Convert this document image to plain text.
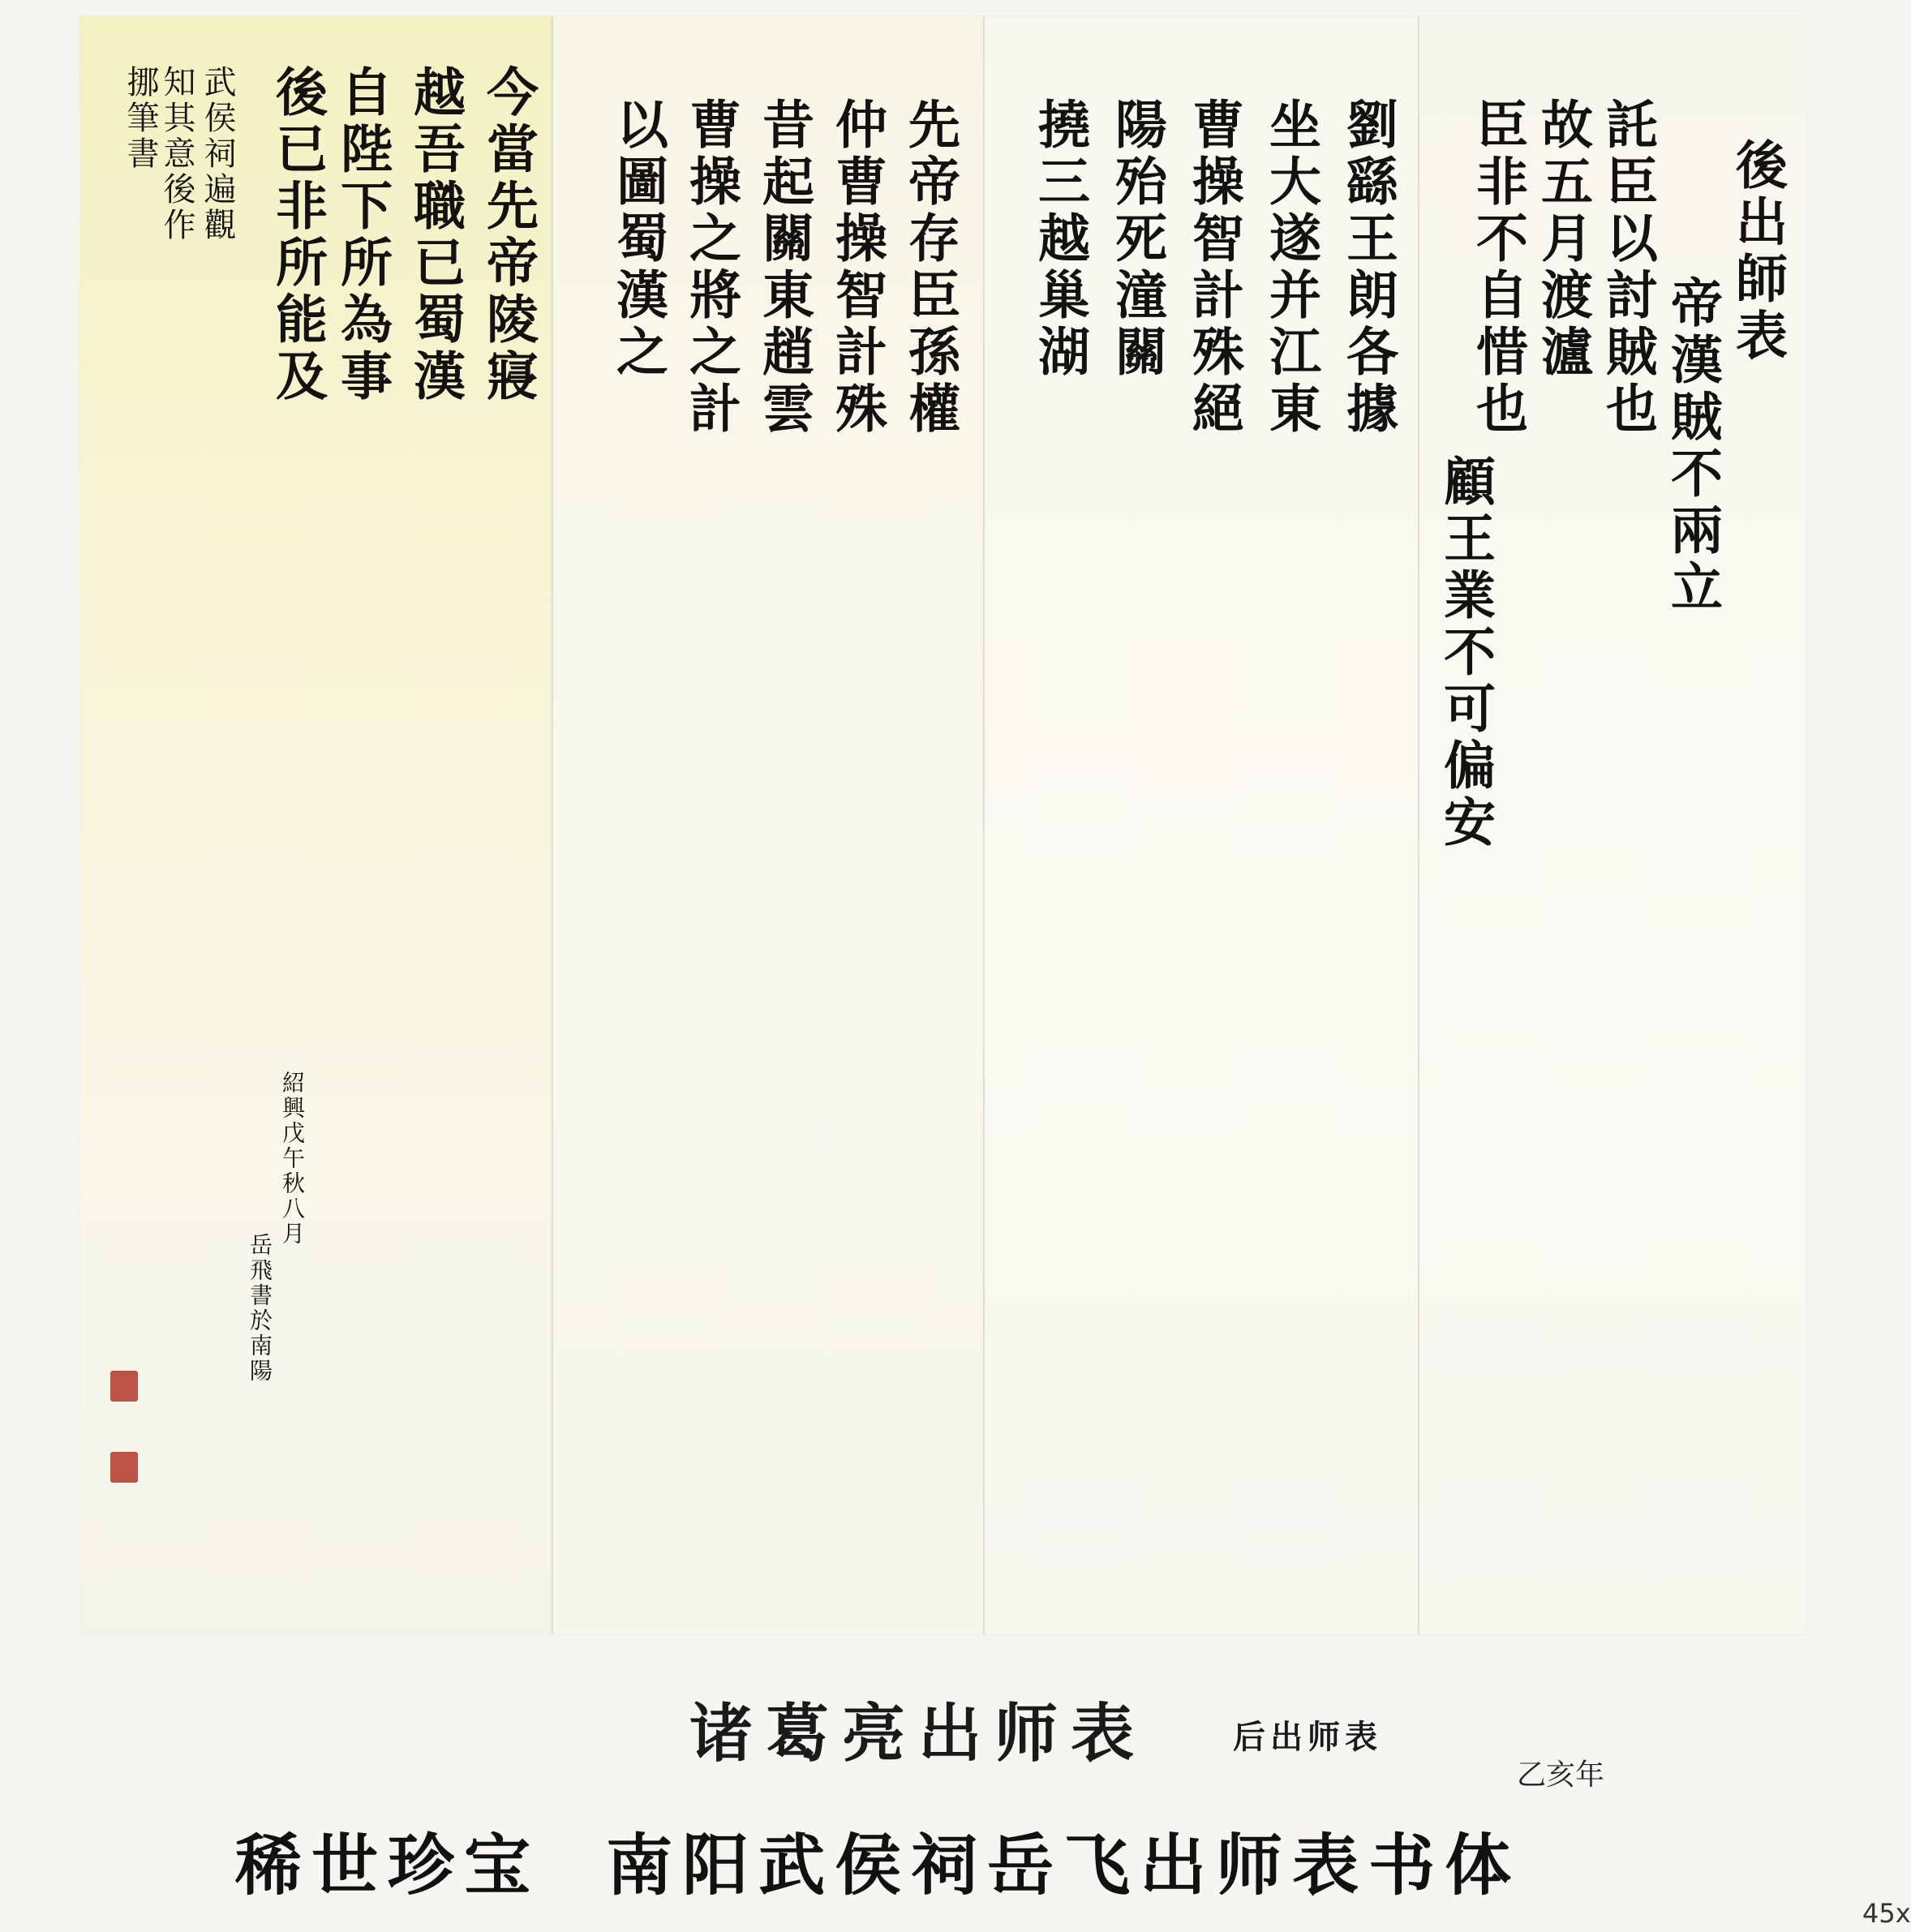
後出師表
帝漢賊不兩立
託臣以討賊也
故五月渡瀘
臣非不自惜也
顧王業不可偏安
劉繇王朗各據
坐大遂并江東
曹操智計殊絕
陽殆死潼關
撓三越巢湖
先帝存臣孫權
仲曹操智計殊
昔起關東趙雲
曹操之將之計
以圖蜀漢之
今當先帝陵寢
越吾職已蜀漢
自陛下所為事
後已非所能及
武侯祠遍觀
知其意後作
挪筆書
紹興戊午秋八月
岳飛書於南陽
诸葛亮出师表	后出师表
乙亥年
稀世珍宝  南阳武侯祠岳飞出师表书体
45x
